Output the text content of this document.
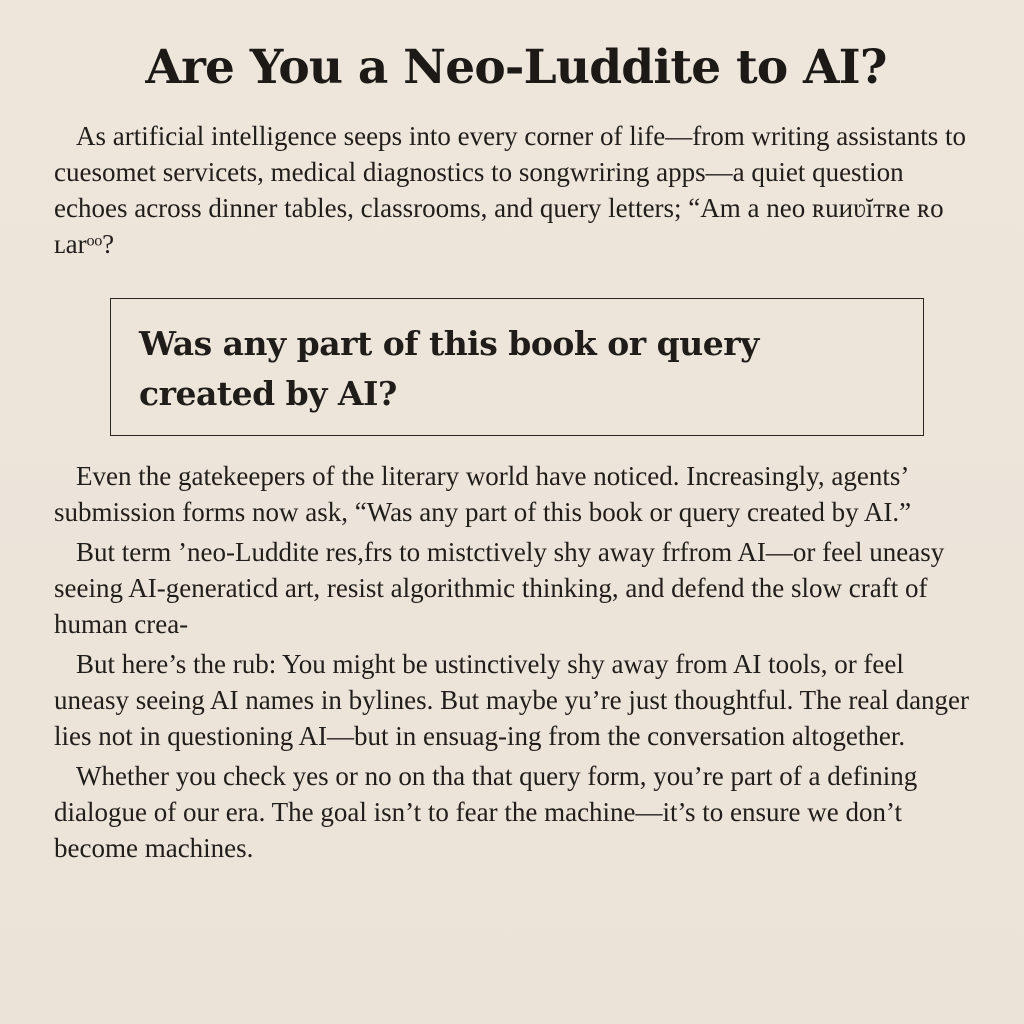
Are You a Neo-Luddite to AI?

As artificial intelligence seeps into every corner of life—from writing assistants to cuesomet servicets, medical diagnostics to songwriring apps—a quiet question echoes across dinner tables, classrooms, and query letters; “Am a neo ʀuᴎʋĭтʀe ʀo ʟarᵒᵒ?

Was any part of this book or query created by AI?

Even the gatekeepers of the literary world have noticed. Increasingly, agents’ submission forms now ask, “Was any part of this book or query created by AI.”

But term ’neo-Luddite res,frs to mistctively shy away frfrom AI—or feel uneasy seeing AI-generaticd art, resist algorithmic thinking, and defend the slow craft of human crea-

But here’s the rub: You might be ustinctively shy away from AI tools, or feel uneasy seeing AI names in bylines. But maybe yu’re just thoughtful. The real danger lies not in questioning AI—but in ensuag-ing from the conversation altogether.

Whether you check yes or no on tha that query form, you’re part of a defining dialogue of our era. The goal isn’t to fear the machine—it’s to ensure we don’t become machines.
